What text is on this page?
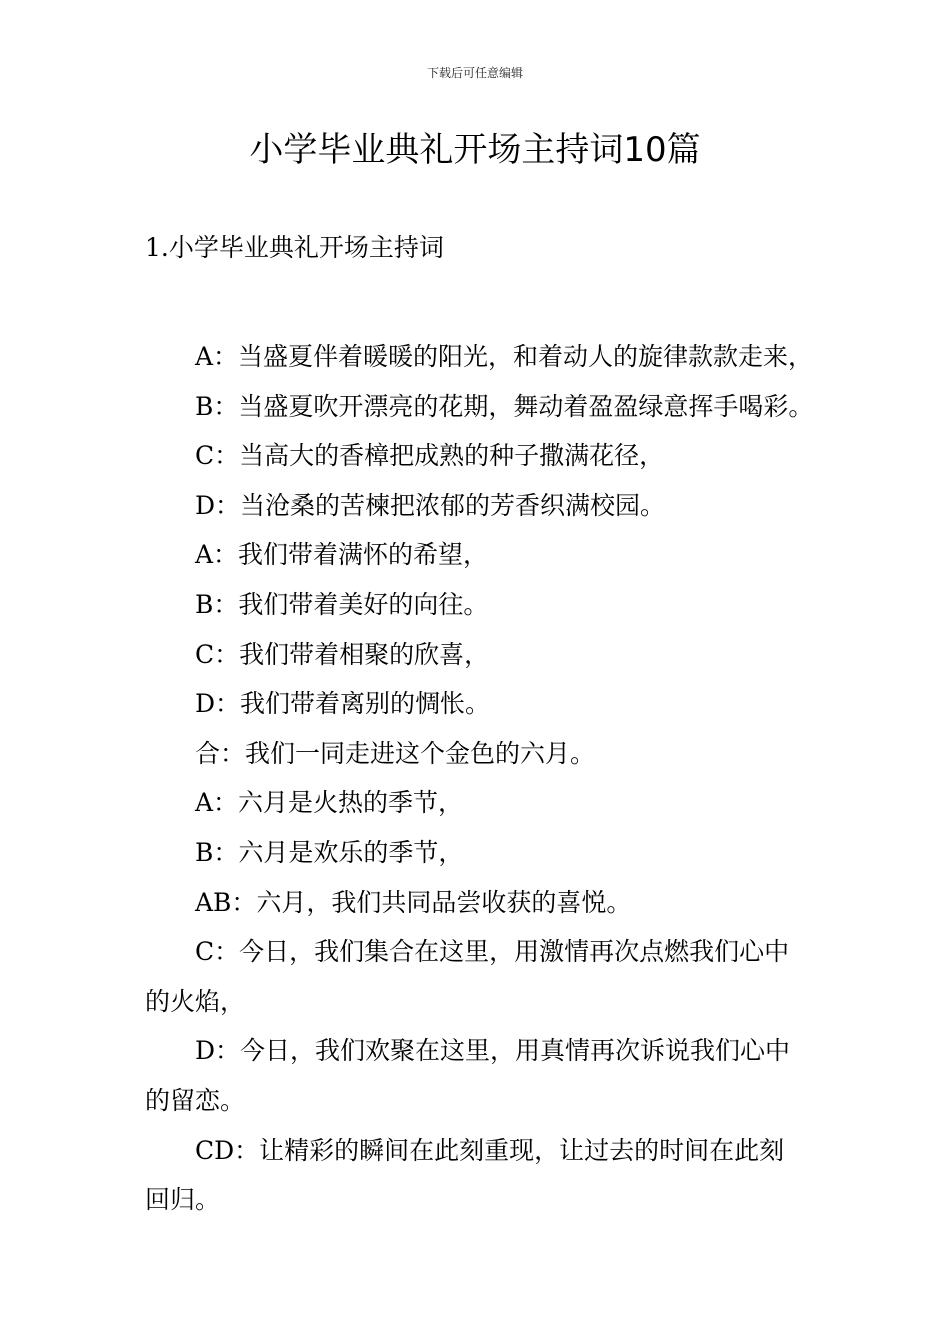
下载后可任意编辑
小学毕业典礼开场主持词10篇
1.小学毕业典礼开场主持词
A：当盛夏伴着暖暖的阳光，和着动人的旋律款款走来，
B：当盛夏吹开漂亮的花期，舞动着盈盈绿意挥手喝彩。
C：当高大的香樟把成熟的种子撒满花径，
D：当沧桑的苦楝把浓郁的芳香织满校园。
A：我们带着满怀的希望，
B：我们带着美好的向往。
C：我们带着相聚的欣喜，
D：我们带着离别的惆怅。
合：我们一同走进这个金色的六月。
A：六月是火热的季节，
B：六月是欢乐的季节，
AB：六月，我们共同品尝收获的喜悦。
C：今日，我们集合在这里，用激情再次点燃我们心中
的火焰，
D：今日，我们欢聚在这里，用真情再次诉说我们心中
的留恋。
CD：让精彩的瞬间在此刻重现，让过去的时间在此刻
回归。
